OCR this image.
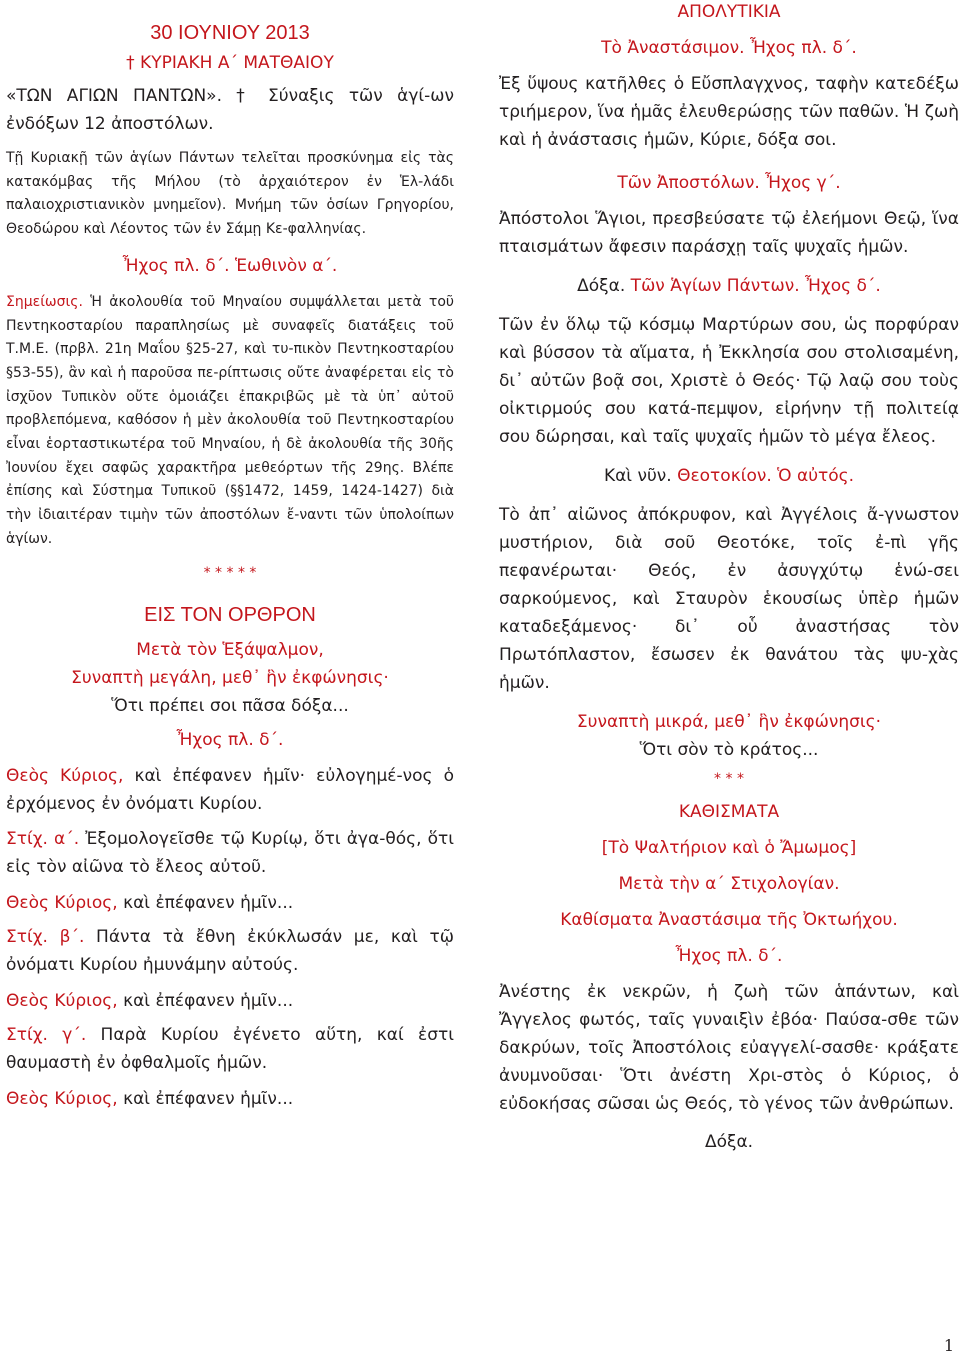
30 ΙΟΥΝΙΟΥ 2013

† ΚΥΡΙΑΚΗ Α΄ ΜΑΤΘΑΙΟΥ

«ΤΩΝ ΑΓΙΩΝ ΠΑΝΤΩΝ». † Σύναξις τῶν ἁγί-ων ἐνδόξων 12 ἀποστόλων.

Τῇ Κυριακῇ τῶν ἁγίων Πάντων τελεῖται προσκύνημα εἰς τὰς κατακόμβας τῆς Μήλου (τὸ ἀρχαιότερον ἐν Ἑλ-λάδι παλαιοχριστιανικὸν μνημεῖον). Μνήμη τῶν ὁσίων Γρηγορίου, Θεοδώρου καὶ Λέοντος τῶν ἐν Σάμῃ Κε-φαλληνίας.

Ἦχος πλ. δ΄. Ἑωθινὸν α΄.

Σημείωσις. Ἡ ἀκολουθία τοῦ Μηναίου συμψάλλεται μετὰ τοῦ Πεντηκοσταρίου παραπλησίως μὲ συναφεῖς διατάξεις τοῦ Τ.Μ.Ε. (πρβλ. 21η Μαΐου §25-27, καὶ τυ-πικὸν Πεντηκοσταρίου §53-55), ἂν καὶ ἡ παροῦσα πε-ρίπτωσις οὔτε ἀναφέρεται εἰς τὸ ἰσχῦον Τυπικὸν οὔτε ὁμοιάζει ἐπακριβῶς μὲ τὰ ὑπ᾿ αὐτοῦ προβλεπόμενα, καθόσον ἡ μὲν ἀκολουθία τοῦ Πεντηκοσταρίου εἶναι ἑορταστικωτέρα τοῦ Μηναίου, ἡ δὲ ἀκολουθία τῆς 30ῆς Ἰουνίου ἔχει σαφῶς χαρακτῆρα μεθεόρτων τῆς 29ης. Βλέπε ἐπίσης καὶ Σύστημα Τυπικοῦ (§§1472, 1459, 1424-1427) διὰ τὴν ἰδιαιτέραν τιμὴν τῶν ἀποστόλων ἔ-ναντι τῶν ὑπολοίπων ἁγίων.

* * * * *

ΕΙΣ ΤΟΝ ΟΡΘΡΟΝ

Μετὰ τὸν Ἑξάψαλμον,

Συναπτὴ μεγάλη, μεθ᾿ ἣν ἐκφώνησις·

Ὅτι πρέπει σοι πᾶσα δόξα...

Ἦχος πλ. δ΄.

Θεὸς Κύριος, καὶ ἐπέφανεν ἡμῖν· εὐλογημέ-νος ὁ ἐρχόμενος ἐν ὀνόματι Κυρίου.

Στίχ. α΄. Ἐξομολογεῖσθε τῷ Κυρίῳ, ὅτι ἀγα-θός, ὅτι εἰς τὸν αἰῶνα τὸ ἔλεος αὐτοῦ.

Θεὸς Κύριος, καὶ ἐπέφανεν ἡμῖν...

Στίχ. β΄. Πάντα τὰ ἔθνη ἐκύκλωσάν με, καὶ τῷ ὀνόματι Κυρίου ἠμυνάμην αὐτούς.

Θεὸς Κύριος, καὶ ἐπέφανεν ἡμῖν...

Στίχ. γ΄. Παρὰ Κυρίου ἐγένετο αὕτη, καί ἐστι θαυμαστὴ ἐν ὀφθαλμοῖς ἡμῶν.

Θεὸς Κύριος, καὶ ἐπέφανεν ἡμῖν...

ΑΠΟΛΥΤΙΚΙΑ

Τὸ Ἀναστάσιμον. Ἦχος πλ. δ΄.

Ἐξ ὕψους κατῆλθες ὁ Εὔσπλαγχνος, ταφὴν κατεδέξω τριήμερον, ἵνα ἡμᾶς ἐλευθερώσῃς τῶν παθῶν. Ἡ ζωὴ καὶ ἡ ἀνάστασις ἡμῶν, Κύριε, δόξα σοι.

Τῶν Ἀποστόλων. Ἦχος γ΄.

Ἀπόστολοι Ἅγιοι, πρεσβεύσατε τῷ ἐλεήμονι Θεῷ, ἵνα πταισμάτων ἄφεσιν παράσχῃ ταῖς ψυχαῖς ἡμῶν.

Δόξα. Τῶν Ἁγίων Πάντων. Ἦχος δ΄.

Τῶν ἐν ὅλῳ τῷ κόσμῳ Μαρτύρων σου, ὡς πορφύραν καὶ βύσσον τὰ αἵματα, ἡ Ἐκκλησία σου στολισαμένη, δι᾿ αὐτῶν βοᾷ σοι, Χριστὲ ὁ Θεός· Τῷ λαῷ σου τοὺς οἰκτιρμούς σου κατά-πεμψον, εἰρήνην τῇ πολιτείᾳ σου δώρησαι, καὶ ταῖς ψυχαῖς ἡμῶν τὸ μέγα ἔλεος.

Καὶ νῦν. Θεοτοκίον. Ὁ αὐτός.

Τὸ ἀπ᾿ αἰῶνος ἀπόκρυφον, καὶ Ἀγγέλοις ἄ-γνωστον μυστήριον, διὰ σοῦ Θεοτόκε, τοῖς ἐ-πὶ γῆς πεφανέρωται· Θεός, ἐν ἀσυγχύτῳ ἑνώ-σει σαρκούμενος, καὶ Σταυρὸν ἑκουσίως ὑπὲρ ἡμῶν καταδεξάμενος· δι᾿ οὗ ἀναστήσας τὸν Πρωτόπλαστον, ἔσωσεν ἐκ θανάτου τὰς ψυ-χὰς ἡμῶν.

Συναπτὴ μικρά, μεθ᾿ ἣν ἐκφώνησις·

Ὅτι σὸν τὸ κράτος...

* * *

ΚΑΘΙΣΜΑΤΑ

[Τὸ Ψαλτήριον καὶ ὁ Ἄμωμος]

Μετὰ τὴν α΄ Στιχολογίαν.

Καθίσματα Ἀναστάσιμα τῆς Ὀκτωήχου.

Ἦχος πλ. δ΄.

Ἀνέστης ἐκ νεκρῶν, ἡ ζωὴ τῶν ἁπάντων, καὶ Ἄγγελος φωτός, ταῖς γυναιξὶν ἐβόα· Παύσα-σθε τῶν δακρύων, τοῖς Ἀποστόλοις εὐαγγελί-σασθε· κράξατε ἀνυμνοῦσαι· Ὅτι ἀνέστη Χρι-στὸς ὁ Κύριος, ὁ εὐδοκήσας σῶσαι ὡς Θεός, τὸ γένος τῶν ἀνθρώπων.

Δόξα.

1
